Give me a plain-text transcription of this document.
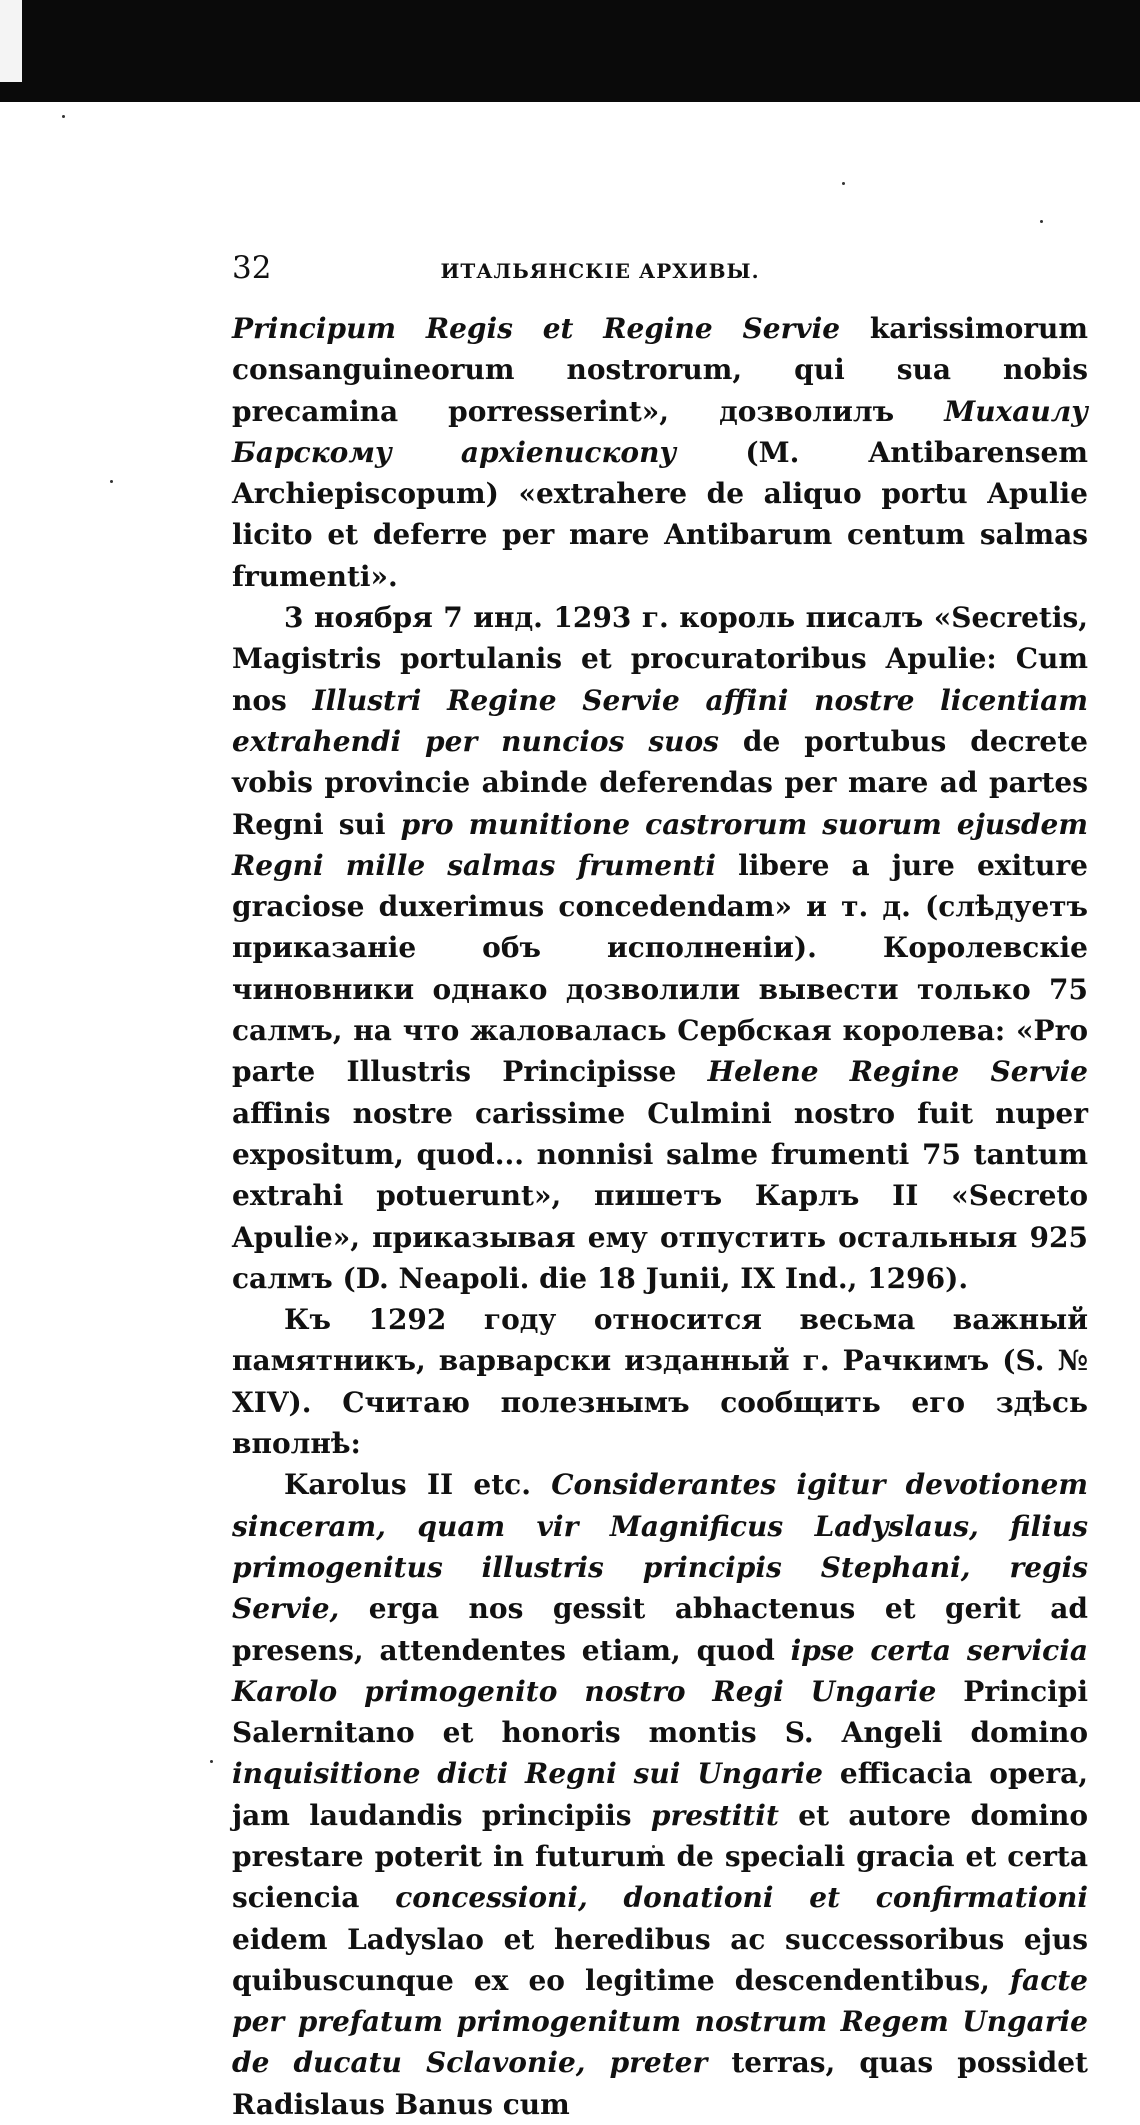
32	ИТАЛЬЯНСКІЕ АРХИВЫ.

Principum Regis et Regine Servie karissimorum consanguineorum nostrorum, qui sua nobis precamina porresserint», дозволилъ Михаилу Барскому архіепископу (M. Antibarensem Archiepiscopum) «extrahere de aliquo portu Apulie licito et deferre per mare Antibarum centum salmas frumenti».

3 ноября 7 инд. 1293 г. король писалъ «Secretis, Magistris portulanis et procuratoribus Apulie: Cum nos Illustri Regine Servie affini nostre licentiam extrahendi per nuncios suos de portubus decrete vobis provincie abinde deferendas per mare ad partes Regni sui pro munitione castrorum suorum ejusdem Regni mille salmas frumenti libere a jure exiture graciose duxerimus concedendam» и т. д. (слѣдуетъ приказаніе объ исполненіи). Королевскіе чиновники однако дозволили вывести только 75 салмъ, на что жаловалась Сербская королева: «Pro parte Illustris Principisse Helene Regine Servie affinis nostre carissime Culmini nostro fuit nuper expositum, quod... nonnisi salme frumenti 75 tantum extrahi potuerunt», пишетъ Карлъ II «Secreto Apulie», приказывая ему отпустить остальныя 925 салмъ (D. Neapoli. die 18 Junii, IX Ind., 1296).

Къ 1292 году относится весьма важный памятникъ, варварски изданный г. Рачкимъ (S. № XIV). Считаю полезнымъ сообщить его здѣсь вполнѣ:

Karolus II etc. Considerantes igitur devotionem sinceram, quam vir Magnificus Ladyslaus, filius primogenitus illustris principis Stephani, regis Servie, erga nos gessit abhactenus et gerit ad presens, attendentes etiam, quod ipse certa servicia Karolo primogenito nostro Regi Ungarie Principi Salernitano et honoris montis S. Angeli domino inquisitione dicti Regni sui Ungarie efficacia opera, jam laudandis principiis prestitit et autore domino prestare poterit in futurum de speciali gracia et certa sciencia concessioni, donationi et confirmationi eidem Ladyslao et heredibus ac successoribus ejus quibuscunque ex eo legitime descendentibus, facte per prefatum primogenitum nostrum Regem Ungarie de ducatu Sclavonie, preter terras, quas possidet Radislaus Banus cum
